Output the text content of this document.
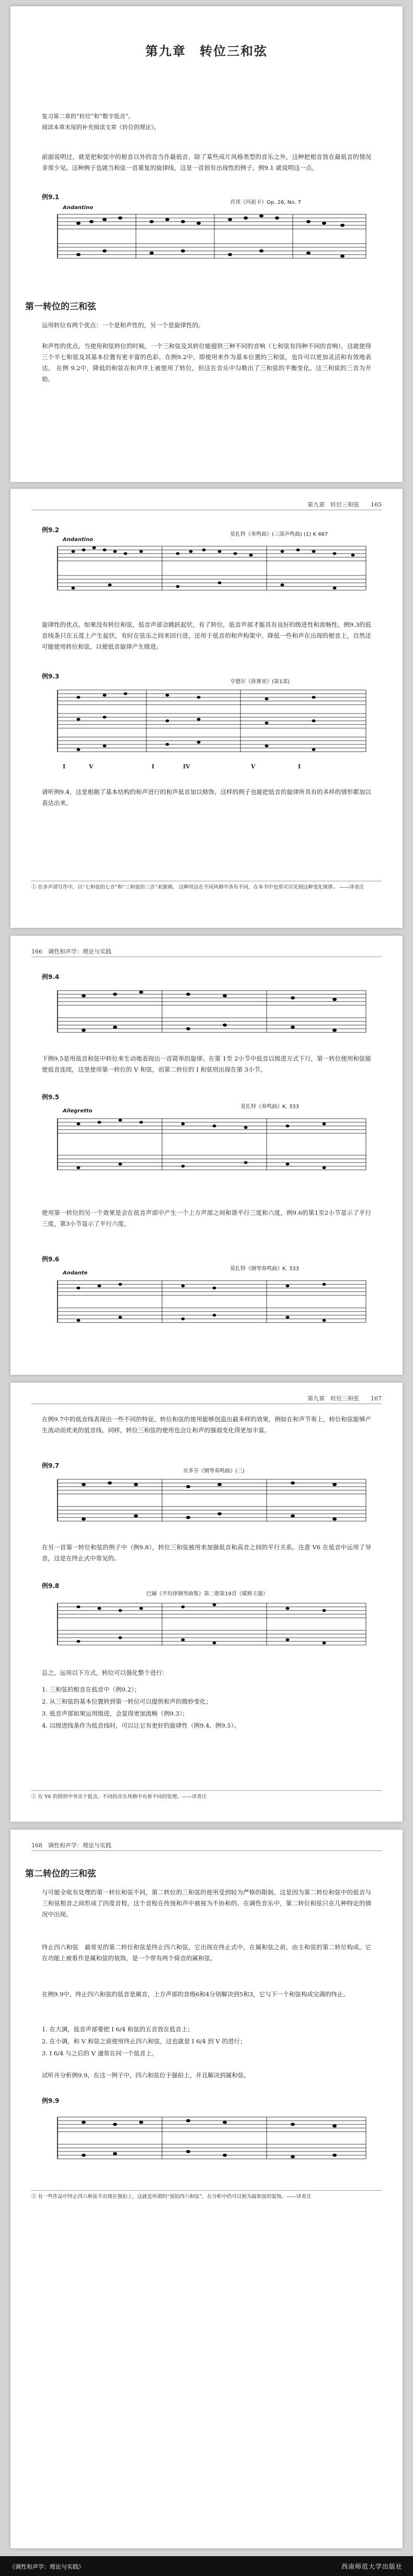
第九章　转位三和弦
复习第二章的“转位”和“数字低音”。
阅读本章末尾的补充阅读文章《转位的理论》。
前面说明过，就是把和弦中的根音以外的音当作最低音，除了某些成片风格类型的音乐之外，这种把根音放在最低音的情况非常少见。这种例子也就当和弦一首重复的旋律线，这是一首很有出现性的例子。例9.1 就说明这一点。
例9.1
肖邦《玛祖卡》Op. 26, No. 7
Andantino
第一转位的三和弦
运用转位有两个优点：一个是和声性的，另一个是旋律性的。
和声性的优点，当使用和弦转位的时候，一个三和弦及其转位能提供三种不同的音响（七和弦有四种不同的音响），这就使得三个半七和弦及其基本位置有更丰富的色彩。在例9.2中，即使用来作为基本位置的三和弦，也许可以更加灵活和有效地表达。 在例 9.2中，降低的和弦在和声序上被使用了转位，但这在音乐中勾勒出了三和弦的平衡变化。这三和弦的三音为开始。
第九章　转位三和弦　　 165
例9.2
莫扎特《奏鸣曲》(三部声鸣曲) (1) K 467
Andantino
旋律性的优点。如果没有转位和弦，低音声部会跳跃起伏，有了转位，低音声部才能具有良好的级进性和流畅性。例9.3的低音线条只在五度上产生起伏，有时在弦乐之间来回行进，还用于低音的和声构架中，降低一些和声在出现的根音上，自然还可能使用转位和弦，以使低音旋律产生级进。
例9.3
亨德尔《弥赛亚》(第1部)
I	V	I	IV	V	I
请听例9.4，这是根据了基本结构的和声进行的和声低音加以修饰，这样的例子也能把低音的旋律所具有的多样的情形都加以表达出来。
① 在多声部写作中，以“七和弦的七音”和“三和弦的三音”来强调。 这种用法在不同风格中各有不同，在本书中也常可以见到这种变化规律。 ——译者注
166　调性和声学：理论与实践
例9.4
下例9.5是用低音和弦中转位来生动地表现出一首简单的旋律。在第 1至 2小节中低音以级进方式下行，第一转位使用和弦能使低音连续，这里使用第一转位的 V 和弦，而第二转位的 I 和弦则出现在第 3小节。
例9.5
莫扎特《奏鸣曲》K. 333
Allegretto
使用第一转位的另一个效果是会在低音声部中产生一个上方声部之间和谐平行三度和六度，例9.6的第1至2小节显示了平行三度，第3小节显示了平行六度。
例9.6
莫扎特《钢琴奏鸣曲》K. 333
Andante
第九章　转位三和弦　　 167
在例9.7中的低音线表现出一些不同的特征。转位和弦的使用能够创造出最多样的效果，例如在和声节奏上，转位和弦能够产生流动而优美的低音线。同样，转位三和弦的使用也会让和声的强弱变化得更加丰富。
例9.7
贝多芬《钢琴奏鸣曲》(三)
在另一首第一转位和弦的例子中（例9.8），转位三和弦被用来加强低音和高音之间的平行关系。注意 V6 在低音中运用了导音，这是在终止式中常见的。
例9.8
巴赫《平均律钢琴曲集》第二册第19首（赋格主题）
总之，运用以下方式，转位可以强化整个进行：
1. 三和弦的根音在低音中（例9.2）；
2. 从三和弦的基本位置转到第一转位可以提供和声的微妙变化；
3. 低音声部如果运用级进，会显得更加流畅（例9.3）；
4. 以级进线条作为低音线时，可以让它有更好的旋律性（例9.4、例9.5）。
① 在 V6 的情形中导音于低音。不同的音乐风格中有着不同的处理。——译者注
168　调性和声学：理论与实践
第二转位的三和弦
与可能全收有处理的第一转位和弦不同，第二转位的三和弦的使用受到较为严格的限制。这是因为第二转位和弦中的低音与三和弦根音之间形成了四度音程，这个音程在传统和声中被视为不协和的。在调性音乐中，第二转位和弦只在几种特定的情况中出现。
终止四六和弦　最常见的第二转位和弦是终止四六和弦，它出现在终止式中，在属和弦之前，由主和弦的第二转位构成。它在功能上被看作是属和弦的装饰，是一个带有两个倚音的属和弦。
在例9.9中，终止四六和弦的低音是属音，上方声部的音级6和4分别解决到5和3，它与下一个和弦构成完满的终止。
1. 在大调，低音声部要把 I 6/4 和弦的五音放在低音上；
2. 在小调，和 V 和弦之前使用终止四六和弦，这也就是 I 6/4 到 V 的进行；
3. I 6/4 与之后的 V 通常在同一个低音上。
试听并分析例9.9，在这一例子中，四六和弦位于强拍上，并且解决到属和弦。
例9.9
② 有一些作品中终止四六和弦不出现在强拍上，这就是所谓的“弱拍四六和弦”，在分析中仍可以视为属和弦的装饰。——译者注
《调性和声学：理论与实践》	西南师范大学出版社
